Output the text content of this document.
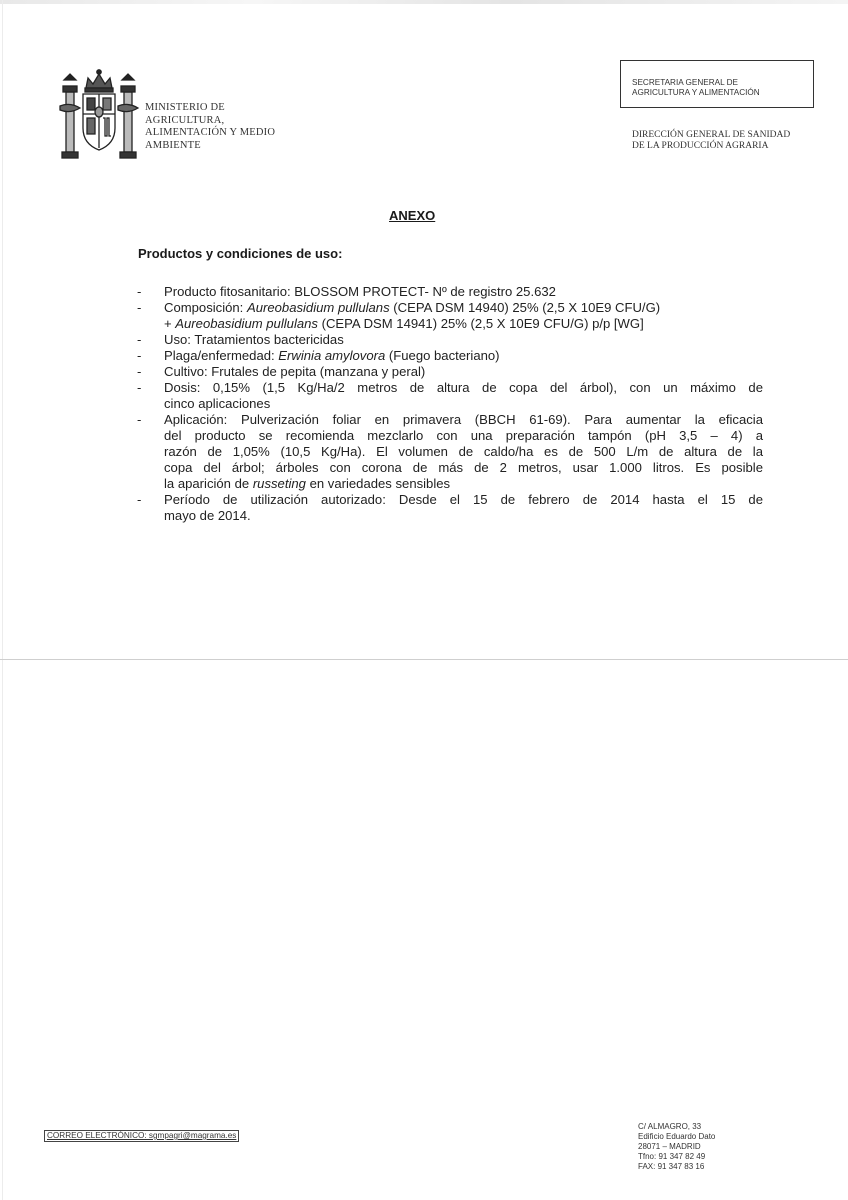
MINISTERIO DE
AGRICULTURA,
ALIMENTACIÓN Y MEDIO
AMBIENTE
SECRETARIA GENERAL DE
AGRICULTURA Y ALIMENTACIÓN
DIRECCIÓN GENERAL DE SANIDAD
DE LA PRODUCCIÓN AGRARIA
ANEXO
Productos y condiciones de uso:
- Producto fitosanitario: BLOSSOM PROTECT- Nº de registro 25.632
- Composición: Aureobasidium pullulans (CEPA DSM 14940) 25% (2,5 X 10E9 CFU/G)
+ Aureobasidium pullulans (CEPA DSM 14941) 25% (2,5 X 10E9 CFU/G) p/p [WG]
- Uso: Tratamientos bactericidas
- Plaga/enfermedad: Erwinia amylovora (Fuego bacteriano)
- Cultivo: Frutales de pepita (manzana y peral)
- Dosis: 0,15% (1,5 Kg/Ha/2 metros de altura de copa del árbol), con un máximo de
cinco aplicaciones
- Aplicación: Pulverización foliar en primavera (BBCH 61-69). Para aumentar la eficacia
del producto se recomienda mezclarlo con una preparación tampón (pH 3,5 – 4) a
razón de 1,05% (10,5 Kg/Ha). El volumen de caldo/ha es de 500 L/m de altura de la
copa del árbol; árboles con corona de más de 2 metros, usar 1.000 litros. Es posible
la aparición de russeting en variedades sensibles
- Período de utilización autorizado: Desde el 15 de febrero de 2014 hasta el 15 de
mayo de 2014.
CORREO ELECTRÓNICO: sgmpagri@magrama.es
C/ ALMAGRO, 33
Edificio Eduardo Dato
28071 – MADRID
Tfno: 91 347 82 49
FAX: 91 347 83 16
